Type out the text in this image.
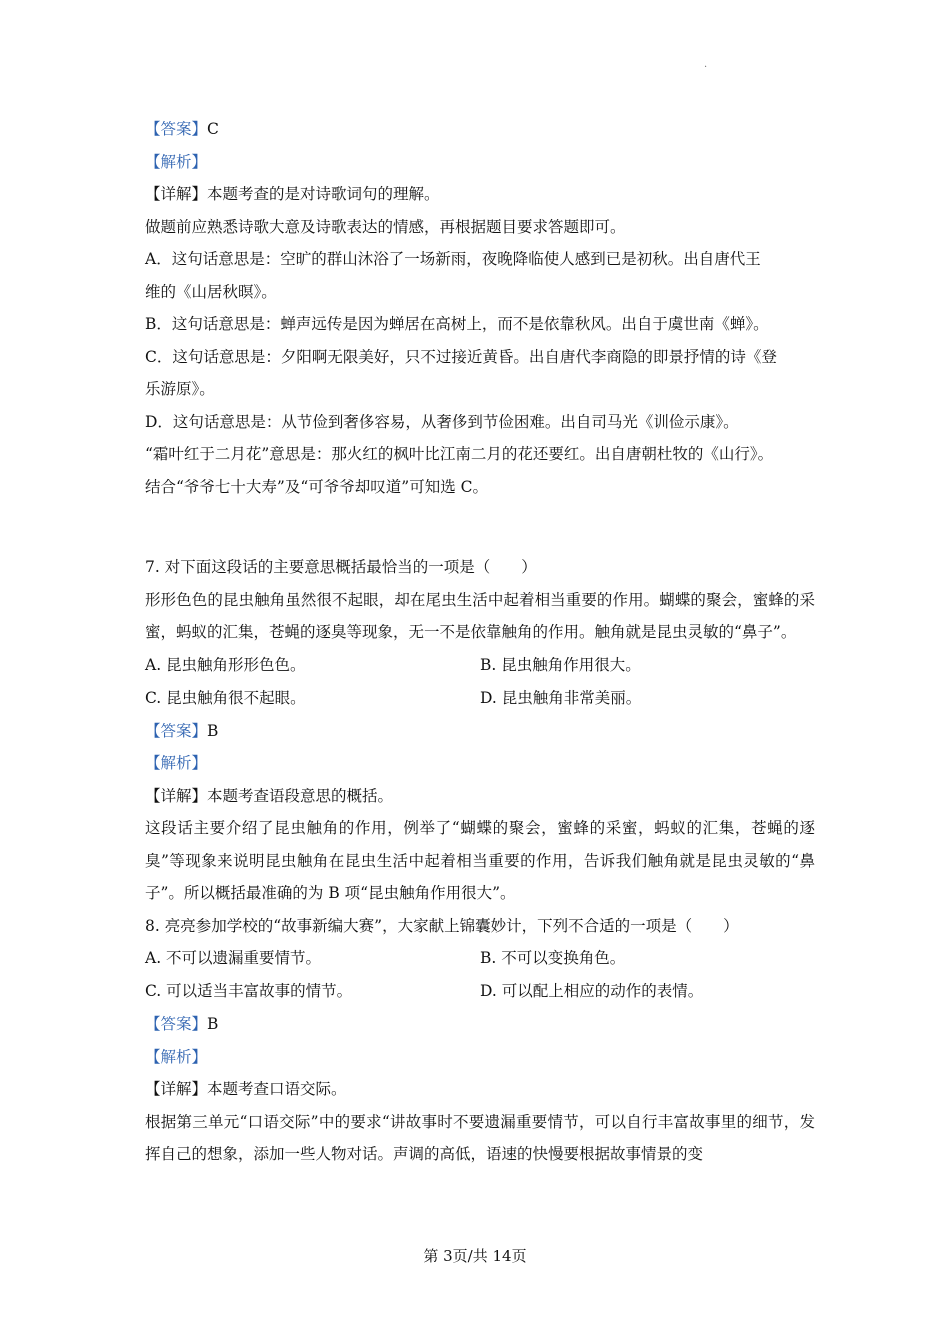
·
【答案】C
【解析】
【详解】本题考查的是对诗歌词句的理解。
做题前应熟悉诗歌大意及诗歌表达的情感，再根据题目要求答题即可。
A．这句话意思是：空旷的群山沐浴了一场新雨，夜晚降临使人感到已是初秋。出自唐代王
维的《山居秋暝》。
B．这句话意思是：蝉声远传是因为蝉居在高树上，而不是依靠秋风。出自于虞世南《蝉》。
C．这句话意思是：夕阳啊无限美好，只不过接近黄昏。出自唐代李商隐的即景抒情的诗《登
乐游原》。
D．这句话意思是：从节俭到奢侈容易，从奢侈到节俭困难。出自司马光《训俭示康》。
“霜叶红于二月花”意思是：那火红的枫叶比江南二月的花还要红。出自唐朝杜牧的《山行》。
结合“爷爷七十大寿”及“可爷爷却叹道”可知选 C。
7. 对下面这段话的主要意思概括最恰当的一项是（　　）
形形色色的昆虫触角虽然很不起眼，却在尾虫生活中起着相当重要的作用。蝴蝶的聚会，蜜蜂的采蜜，蚂蚁的汇集，苍蝇的逐臭等现象，无一不是依靠触角的作用。触角就是昆虫灵敏的“鼻子”。
A. 昆虫触角形形色色。	B. 昆虫触角作用很大。
C. 昆虫触角很不起眼。	D. 昆虫触角非常美丽。
【答案】B
【解析】
【详解】本题考查语段意思的概括。
这段话主要介绍了昆虫触角的作用，例举了“蝴蝶的聚会，蜜蜂的采蜜，蚂蚁的汇集，苍蝇的逐臭”等现象来说明昆虫触角在昆虫生活中起着相当重要的作用，告诉我们触角就是昆虫灵敏的“鼻子”。所以概括最准确的为 B 项“昆虫触角作用很大”。
8. 亮亮参加学校的“故事新编大赛”，大家献上锦囊妙计，下列不合适的一项是（　　）
A. 不可以遗漏重要情节。	B. 不可以变换角色。
C. 可以适当丰富故事的情节。	D. 可以配上相应的动作的表情。
【答案】B
【解析】
【详解】本题考查口语交际。
根据第三单元“口语交际”中的要求“讲故事时不要遗漏重要情节，可以自行丰富故事里的细节，发挥自己的想象，添加一些人物对话。声调的高低，语速的快慢要根据故事情景的变
第 3页/共 14页
